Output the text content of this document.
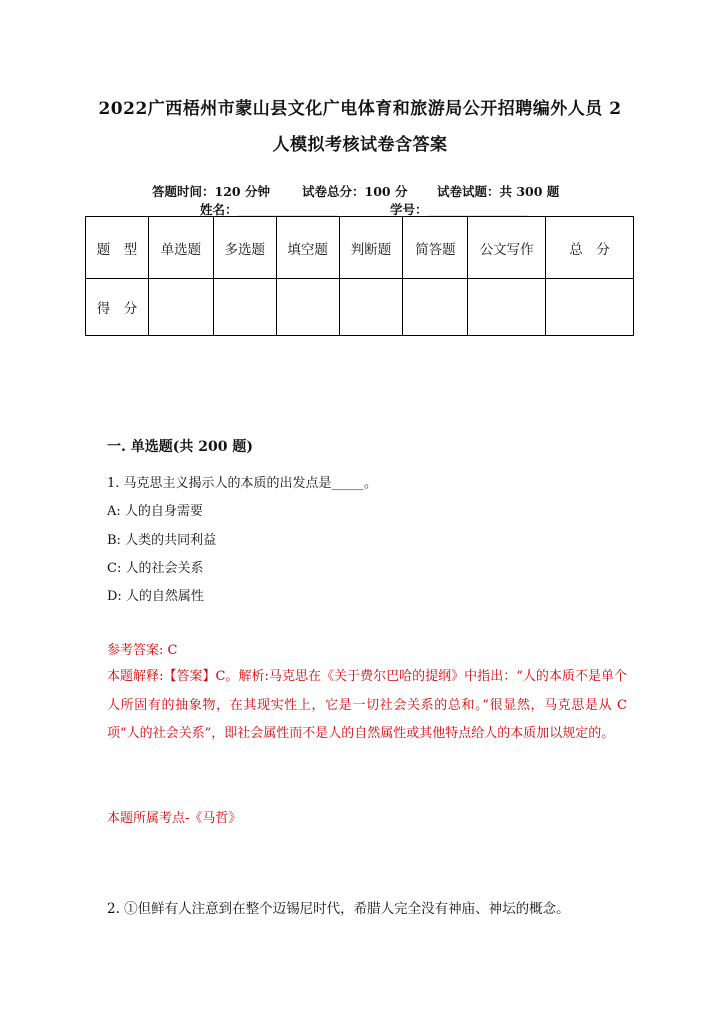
2022广西梧州市蒙山县文化广电体育和旅游局公开招聘编外人员 2
人模拟考核试卷含答案
答题时间：120 分钟	试卷总分：100 分 试卷试题：共 300 题
姓名：________________	学号：________________
题　型	单选题	多选题	填空题	判断题	简答题	公文写作	总　分
得　分							
一. 单选题(共 200 题)
1. 马克思主义揭示人的本质的出发点是_____。
A: 人的自身需要
B: 人类的共同利益
C: 人的社会关系
D: 人的自然属性
参考答案: C
本题解释:【答案】C。解析:马克思在《关于费尔巴哈的提纲》中指出：“人的本质不是单个人所固有的抽象物，在其现实性上，它是一切社会关系的总和。”很显然，马克思是从 C 项“人的社会关系”，即社会属性而不是人的自然属性或其他特点给人的本质加以规定的。
本题所属考点-《马哲》
2. ①但鲜有人注意到在整个迈锡尼时代，希腊人完全没有神庙、神坛的概念。
